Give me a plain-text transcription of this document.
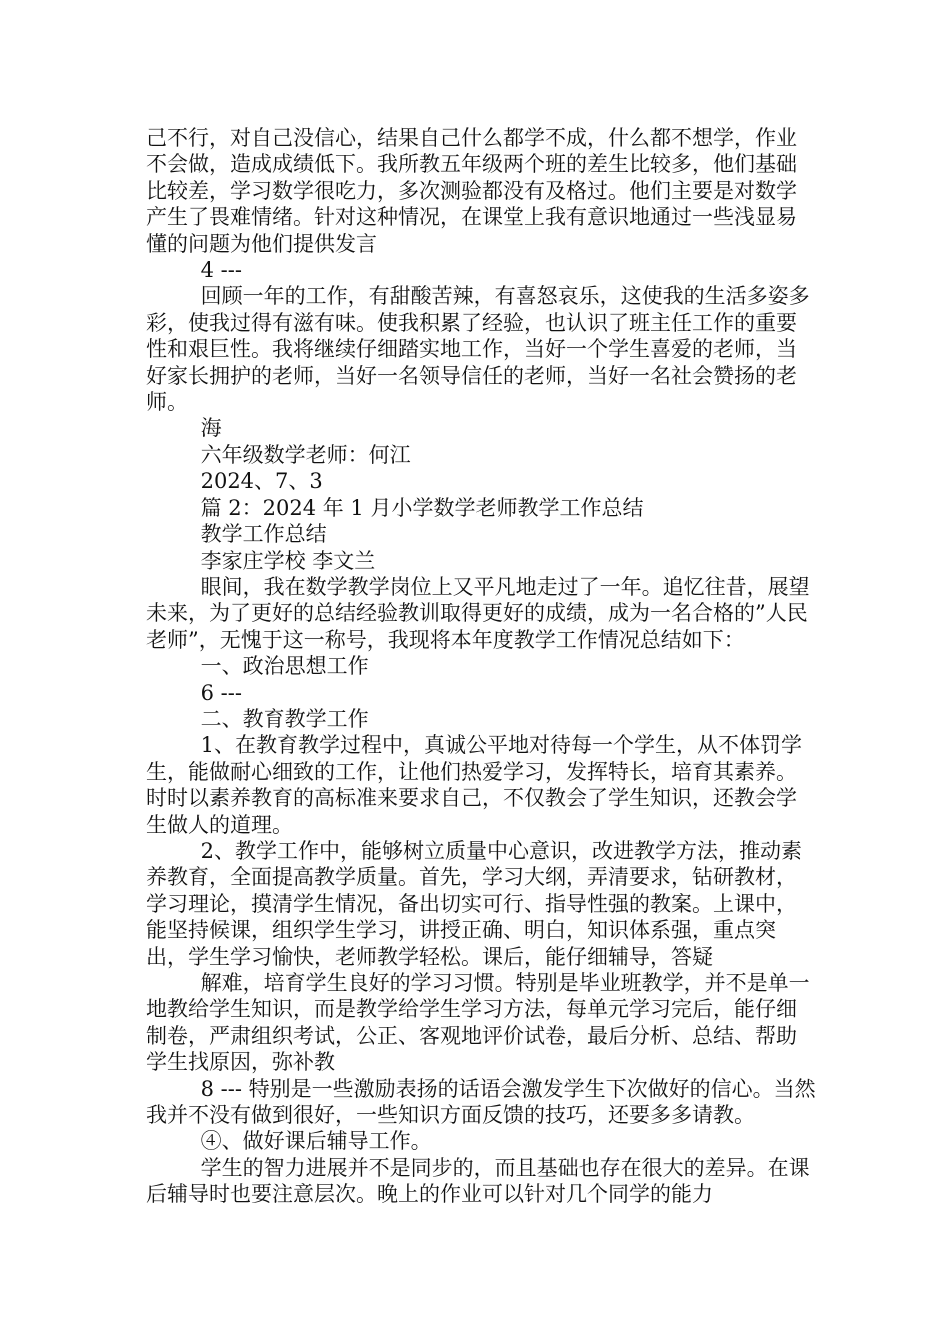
己不行，对自己没信心，结果自己什么都学不成，什么都不想学，作业不会做，造成成绩低下。我所教五年级两个班的差生比较多，他们基础比较差，学习数学很吃力，多次测验都没有及格过。他们主要是对数学产生了畏难情绪。针对这种情况，在课堂上我有意识地通过一些浅显易懂的问题为他们提供发言

4 ---

回顾一年的工作，有甜酸苦辣，有喜怒哀乐，这使我的生活多姿多彩，使我过得有滋有味。使我积累了经验，也认识了班主任工作的重要性和艰巨性。我将继续仔细踏实地工作，当好一个学生喜爱的老师，当好家长拥护的老师，当好一名领导信任的老师，当好一名社会赞扬的老师。

海

六年级数学老师：何江

2024、7、3

篇 2：2024 年 1 月小学数学老师教学工作总结

教学工作总结

李家庄学校 李文兰

眼间，我在数学教学岗位上又平凡地走过了一年。追忆往昔，展望未来，为了更好的总结经验教训取得更好的成绩，成为一名合格的”人民老师”，无愧于这一称号，我现将本年度教学工作情况总结如下：

一、政治思想工作

6 ---

二、教育教学工作

1、在教育教学过程中，真诚公平地对待每一个学生，从不体罚学生，能做耐心细致的工作，让他们热爱学习，发挥特长，培育其素养。时时以素养教育的高标准来要求自己，不仅教会了学生知识，还教会学生做人的道理。

2、教学工作中，能够树立质量中心意识，改进教学方法，推动素养教育，全面提高教学质量。首先，学习大纲，弄清要求，钻研教材，学习理论，摸清学生情况，备出切实可行、指导性强的教案。上课中，能坚持候课，组织学生学习，讲授正确、明白，知识体系强，重点突出，学生学习愉快，老师教学轻松。课后，能仔细辅导，答疑

解难，培育学生良好的学习习惯。特别是毕业班教学，并不是单一地教给学生知识，而是教学给学生学习方法，每单元学习完后，能仔细制卷，严肃组织考试，公正、客观地评价试卷，最后分析、总结、帮助学生找原因，弥补教

8 --- 特别是一些激励表扬的话语会激发学生下次做好的信心。当然我并不没有做到很好，一些知识方面反馈的技巧，还要多多请教。

④、做好课后辅导工作。

学生的智力进展并不是同步的，而且基础也存在很大的差异。在课后辅导时也要注意层次。晚上的作业可以针对几个同学的能力
